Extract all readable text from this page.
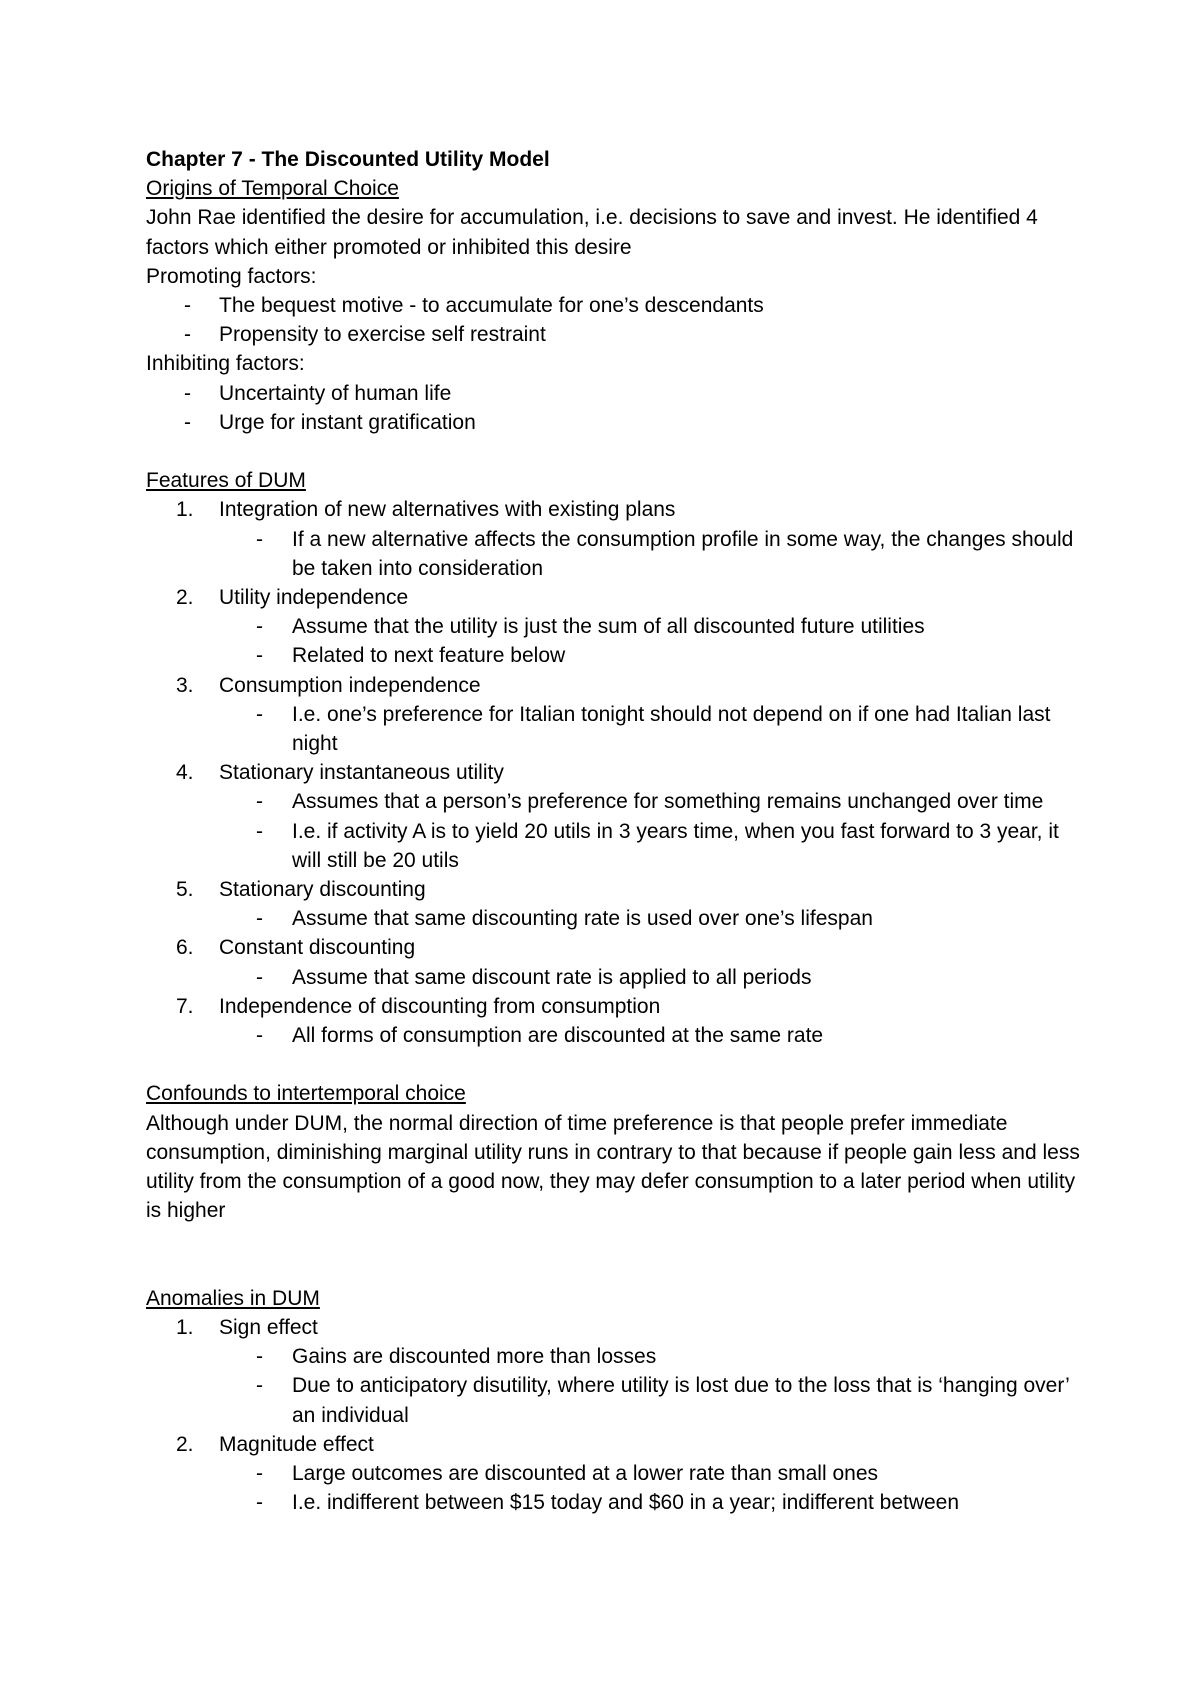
Chapter 7 - The Discounted Utility Model
Origins of Temporal Choice
John Rae identified the desire for accumulation, i.e. decisions to save and invest. He identified 4 factors which either promoted or inhibited this desire
Promoting factors:
- The bequest motive - to accumulate for one’s descendants
- Propensity to exercise self restraint
Inhibiting factors:
- Uncertainty of human life
- Urge for instant gratification
Features of DUM
1. Integration of new alternatives with existing plans
- If a new alternative affects the consumption profile in some way, the changes should be taken into consideration
2. Utility independence
- Assume that the utility is just the sum of all discounted future utilities
- Related to next feature below
3. Consumption independence
- I.e. one’s preference for Italian tonight should not depend on if one had Italian last night
4. Stationary instantaneous utility
- Assumes that a person’s preference for something remains unchanged over time
- I.e. if activity A is to yield 20 utils in 3 years time, when you fast forward to 3 year, it will still be 20 utils
5. Stationary discounting
- Assume that same discounting rate is used over one’s lifespan
6. Constant discounting
- Assume that same discount rate is applied to all periods
7. Independence of discounting from consumption
- All forms of consumption are discounted at the same rate
Confounds to intertemporal choice
Although under DUM, the normal direction of time preference is that people prefer immediate consumption, diminishing marginal utility runs in contrary to that because if people gain less and less utility from the consumption of a good now, they may defer consumption to a later period when utility is higher
Anomalies in DUM
1. Sign effect
- Gains are discounted more than losses
- Due to anticipatory disutility, where utility is lost due to the loss that is ‘hanging over’ an individual
2. Magnitude effect
- Large outcomes are discounted at a lower rate than small ones
- I.e. indifferent between $15 today and $60 in a year; indifferent between
